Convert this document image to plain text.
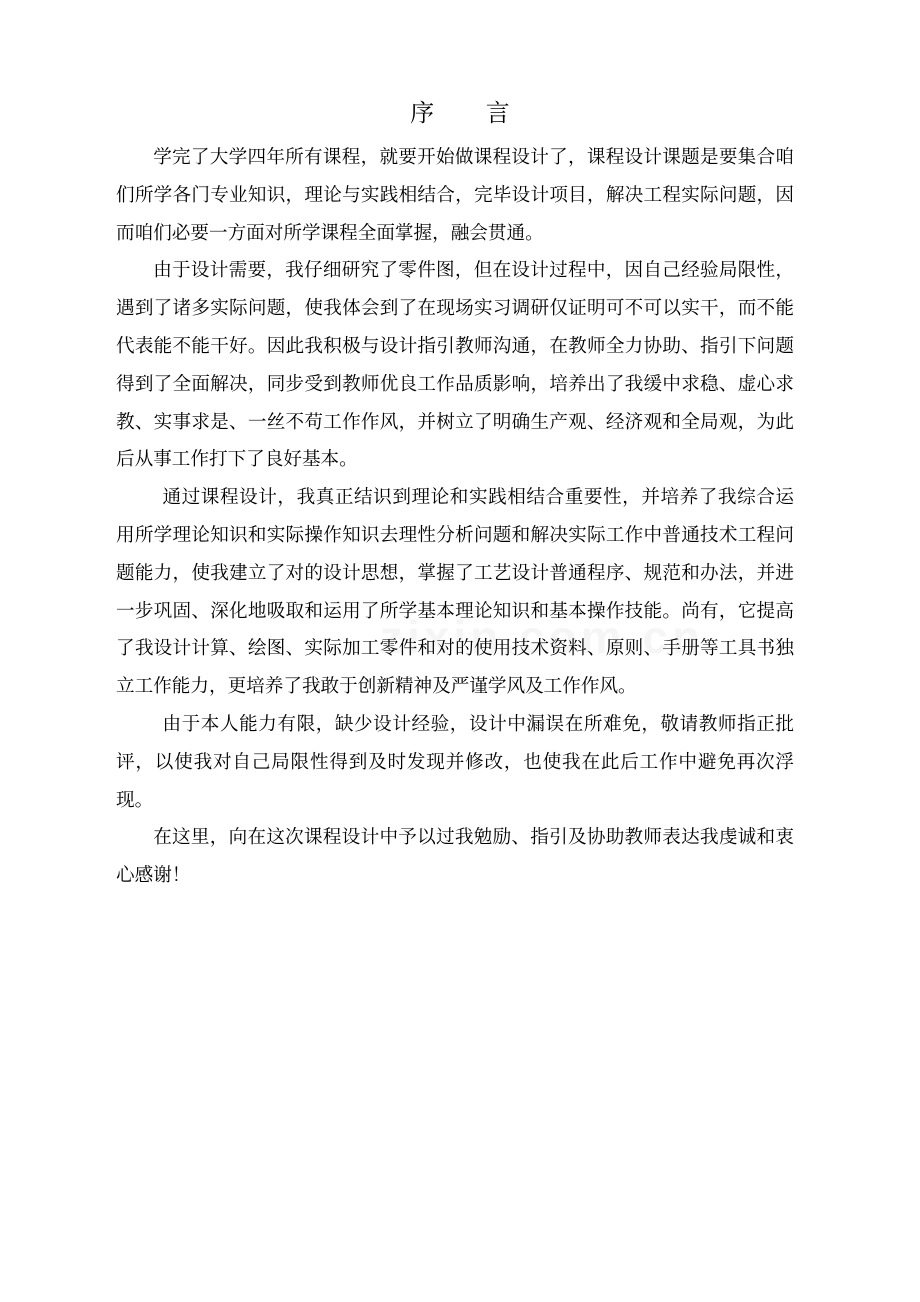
序 言

学完了大学四年所有课程，就要开始做课程设计了，课程设计课题是要集合咱们所学各门专业知识，理论与实践相结合，完毕设计项目，解决工程实际问题，因而咱们必要一方面对所学课程全面掌握，融会贯通。

由于设计需要，我仔细研究了零件图，但在设计过程中，因自己经验局限性，遇到了诸多实际问题，使我体会到了在现场实习调研仅证明可不可以实干，而不能代表能不能干好。因此我积极与设计指引教师沟通，在教师全力协助、指引下问题得到了全面解决，同步受到教师优良工作品质影响，培养出了我缓中求稳、虚心求教、实事求是、一丝不苟工作作风，并树立了明确生产观、经济观和全局观，为此后从事工作打下了良好基本。

通过课程设计，我真正结识到理论和实践相结合重要性，并培养了我综合运用所学理论知识和实际操作知识去理性分析问题和解决实际工作中普通技术工程问题能力，使我建立了对的设计思想，掌握了工艺设计普通程序、规范和办法，并进一步巩固、深化地吸取和运用了所学基本理论知识和基本操作技能。尚有，它提高了我设计计算、绘图、实际加工零件和对的使用技术资料、原则、手册等工具书独立工作能力，更培养了我敢于创新精神及严谨学风及工作作风。

由于本人能力有限，缺少设计经验，设计中漏误在所难免，敬请教师指正批评，以使我对自己局限性得到及时发现并修改，也使我在此后工作中避免再次浮现。

在这里，向在这次课程设计中予以过我勉励、指引及协助教师表达我虔诚和衷心感谢！
